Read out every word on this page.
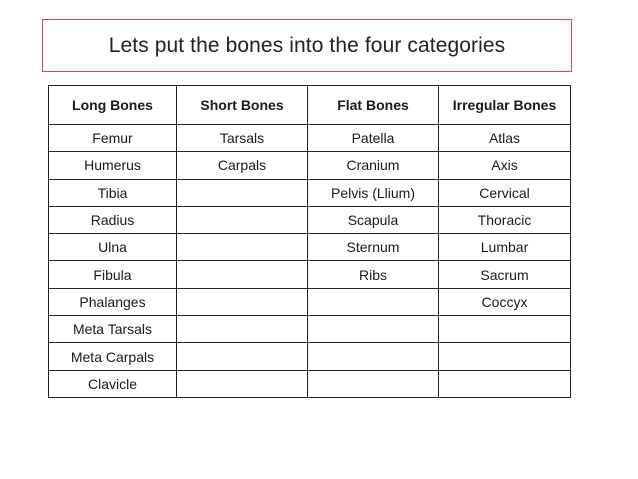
Lets put the bones into the four categories
Long Bones	Short Bones	Flat Bones	Irregular Bones
Femur	Tarsals	Patella	Atlas
Humerus	Carpals	Cranium	Axis
Tibia		Pelvis (Llium)	Cervical
Radius		Scapula	Thoracic
Ulna		Sternum	Lumbar
Fibula		Ribs	Sacrum
Phalanges			Coccyx
Meta Tarsals			
Meta Carpals			
Clavicle			
